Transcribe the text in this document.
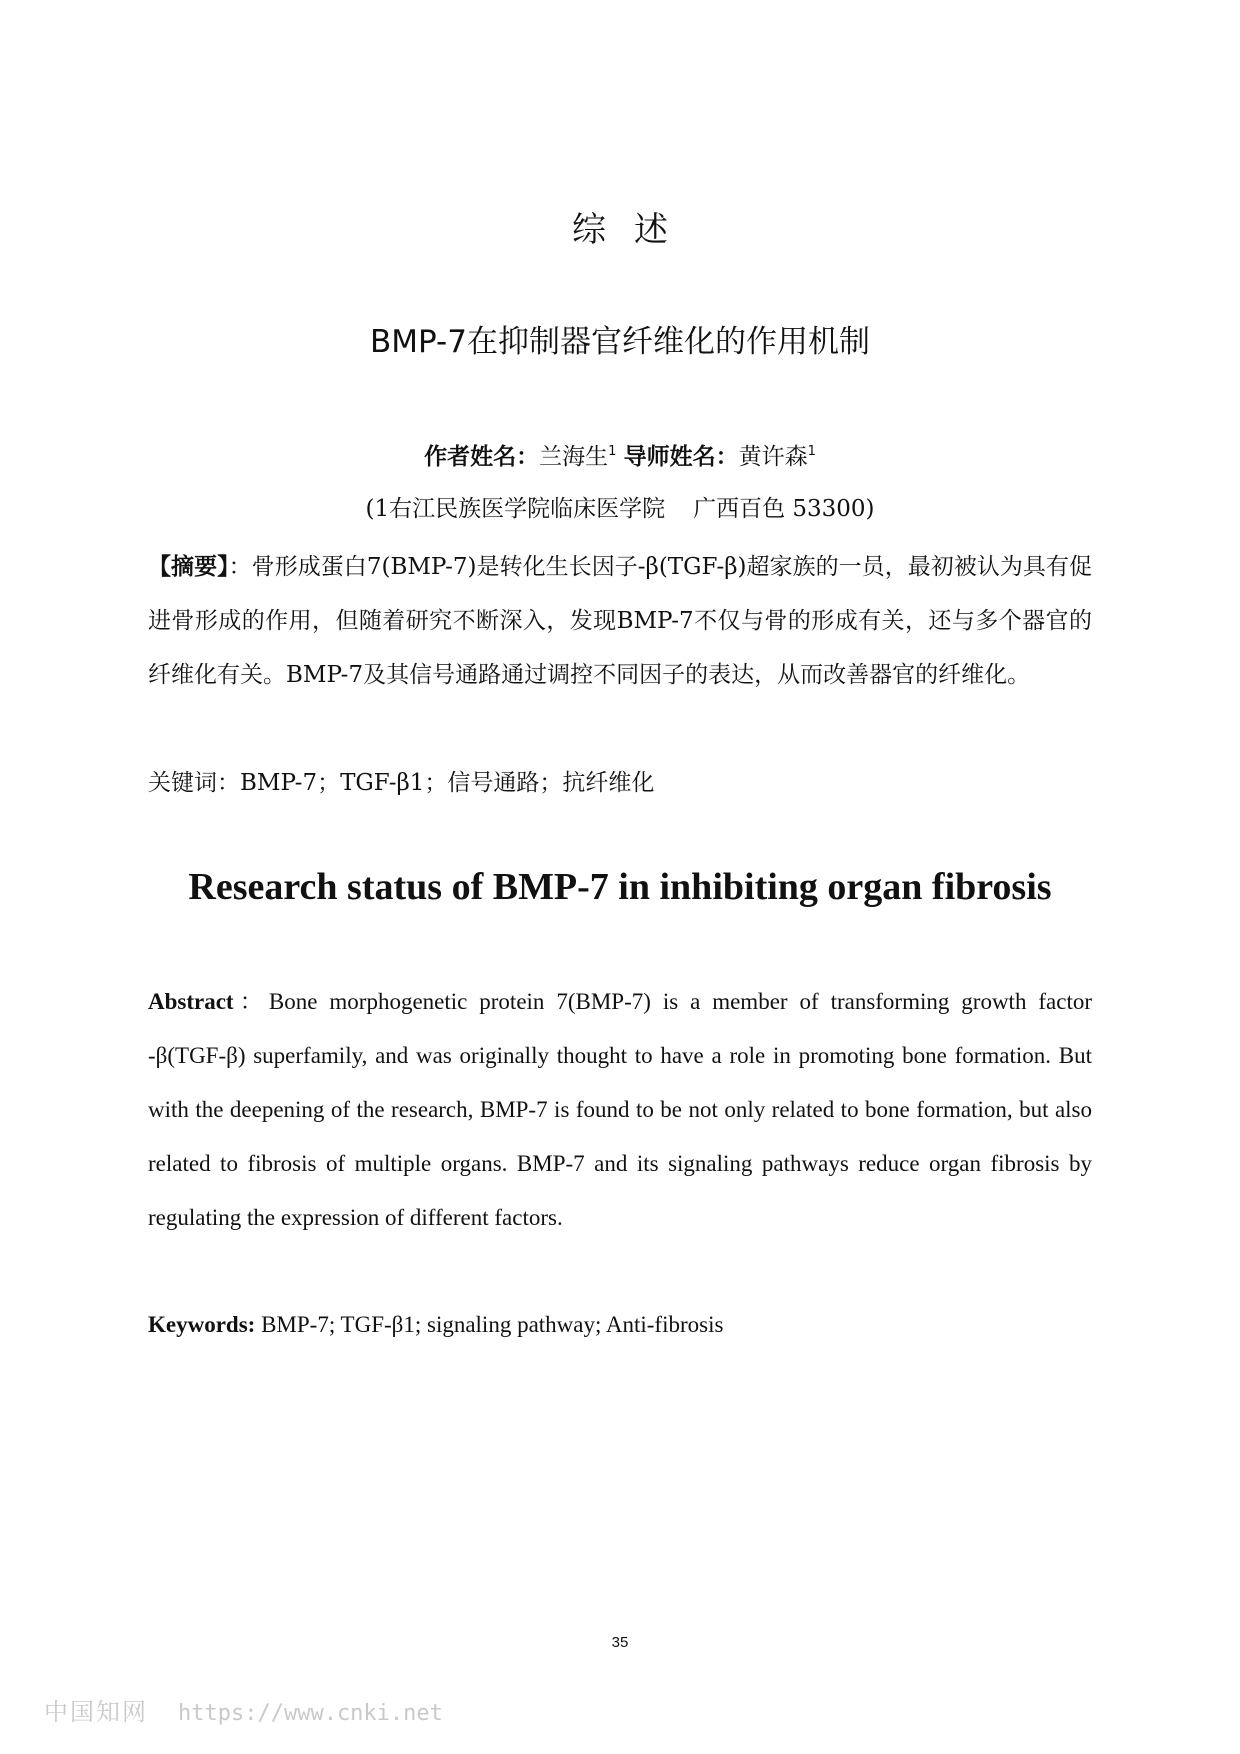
综述
BMP-7在抑制器官纤维化的作用机制
作者姓名：兰海生$^1$ 导师姓名：黄许森$^1$
(1右江民族医学院临床医学院 广西百色 53300)

【摘要】：骨形成蛋白7(BMP-7)是转化生长因子-β(TGF-β)超家族的一员，最初被认为具有促进骨形成的作用，但随着研究不断深入，发现BMP-7不仅与骨的形成有关，还与多个器官的纤维化有关。BMP-7及其信号通路通过调控不同因子的表达，从而改善器官的纤维化。

关键词：BMP-7；TGF-β1；信号通路；抗纤维化
Research status of BMP-7 in inhibiting organ fibrosis

Abstract：Bone morphogenetic protein 7(BMP-7) is a member of transforming growth factor -β(TGF-β) superfamily, and was originally thought to have a role in promoting bone formation. But with the deepening of the research, BMP-7 is found to be not only related to bone formation, but also related to fibrosis of multiple organs. BMP-7 and its signaling pathways reduce organ fibrosis by regulating the expression of different factors.

Keywords: BMP-7; TGF-β1; signaling pathway; Anti-fibrosis
35
中国知网 https://www.cnki.net
